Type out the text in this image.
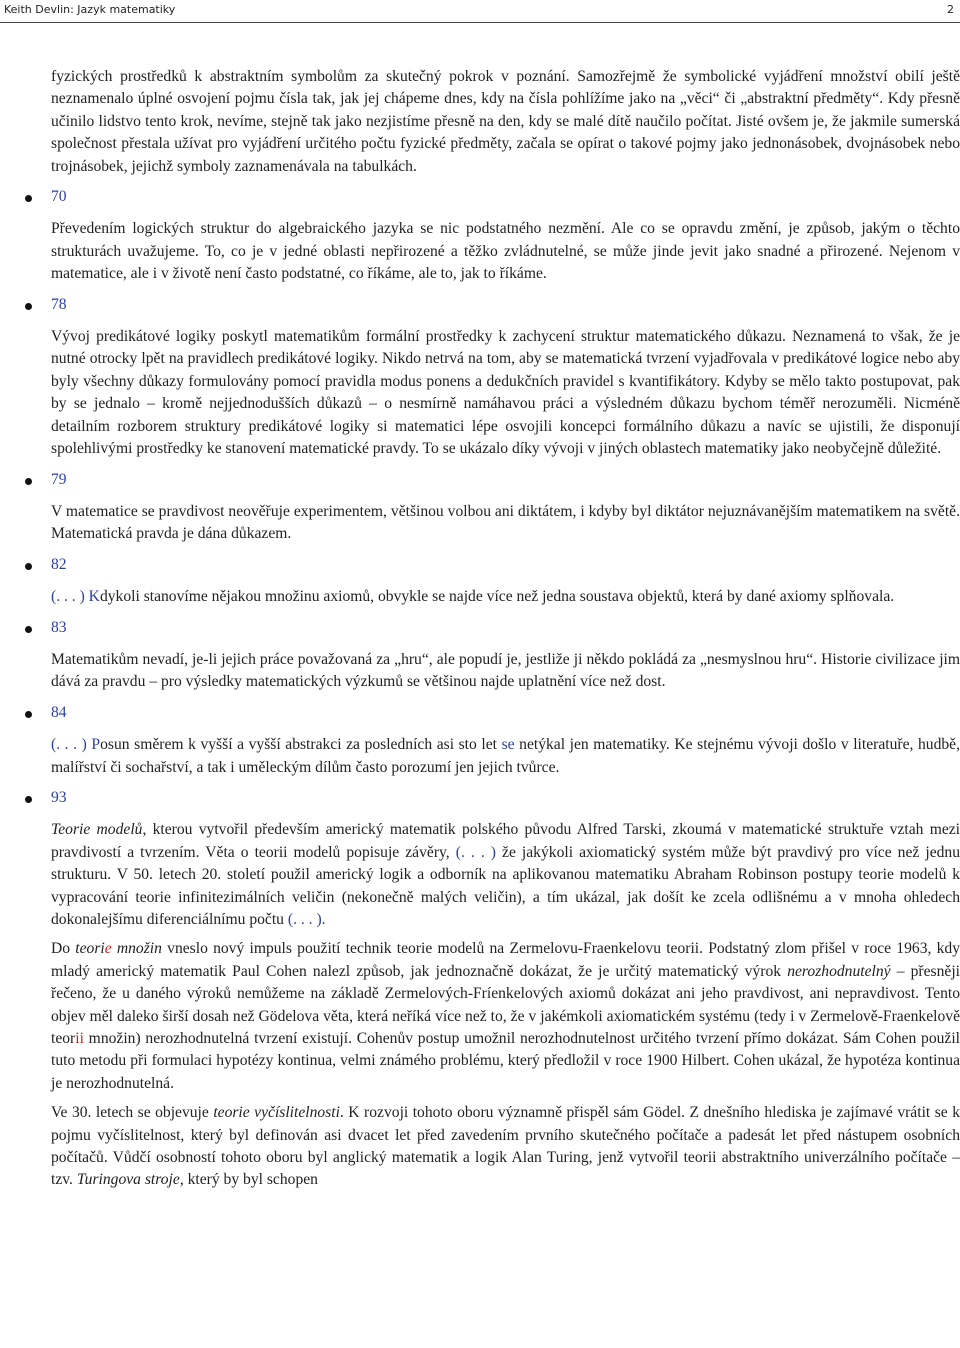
Keith Devlin: Jazyk matematiky	2

fyzických prostředků k abstraktním symbolům za skutečný pokrok v poznání. Samozřejmě že symbolické vyjádření množství obilí ještě neznamenalo úplné osvojení pojmu čísla tak, jak jej chápeme dnes, kdy na čísla pohlížíme jako na „věci“ či „abstraktní předměty“. Kdy přesně učinilo lidstvo tento krok, nevíme, stejně tak jako nezjistíme přesně na den, kdy se malé dítě naučilo počítat. Jisté ovšem je, že jakmile sumerská společnost přestala užívat pro vyjádření určitého počtu fyzické předměty, začala se opírat o takové pojmy jako jednonásobek, dvojnásobek nebo trojnásobek, jejichž symboly zaznamenávala na tabulkách.

70

Převedením logických struktur do algebraického jazyka se nic podstatného nezmění. Ale co se opravdu změní, je způsob, jakým o těchto strukturách uvažujeme. To, co je v jedné oblasti nepřirozené a těžko zvládnutelné, se může jinde jevit jako snadné a přirozené. Nejenom v matematice, ale i v životě není často podstatné, co říkáme, ale to, jak to říkáme.

78

Vývoj predikátové logiky poskytl matematikům formální prostředky k zachycení struktur matematického důkazu. Neznamená to však, že je nutné otrocky lpět na pravidlech predikátové logiky. Nikdo netrvá na tom, aby se matematická tvrzení vyjadřovala v predikátové logice nebo aby byly všechny důkazy formulovány pomocí pravidla modus ponens a dedukčních pravidel s kvantifikátory. Kdyby se mělo takto postupovat, pak by se jednalo – kromě nejjednodušších důkazů – o nesmírně namáhavou práci a výsledném důkazu bychom téměř nerozuměli. Nicméně detailním rozborem struktury predikátové logiky si matematici lépe osvojili koncepci formálního důkazu a navíc se ujistili, že disponují spolehlivými prostředky ke stanovení matematické pravdy. To se ukázalo díky vývoji v jiných oblastech matematiky jako neobyčejně důležité.

79

V matematice se pravdivost neověřuje experimentem, většinou volbou ani diktátem, i kdyby byl diktátor nejuznávanějším matematikem na světě. Matematická pravda je dána důkazem.

82

(. . . ) Kdykoli stanovíme nějakou množinu axiomů, obvykle se najde více než jedna soustava objektů, která by dané axiomy splňovala.

83

Matematikům nevadí, je-li jejich práce považovaná za „hru“, ale popudí je, jestliže ji někdo pokládá za „nesmyslnou hru“. Historie civilizace jim dává za pravdu – pro výsledky matematických výzkumů se většinou najde uplatnění více než dost.

84

(. . . ) Posun směrem k vyšší a vyšší abstrakci za posledních asi sto let se netýkal jen matematiky. Ke stejnému vývoji došlo v literatuře, hudbě, malířství či sochařství, a tak i uměleckým dílům často porozumí jen jejich tvůrce.

93

Teorie modelů, kterou vytvořil především americký matematik polského původu Alfred Tarski, zkoumá v matematické struktuře vztah mezi pravdivostí a tvrzením. Věta o teorii modelů popisuje závěry, (. . . ) že jakýkoli axiomatický systém může být pravdivý pro více než jednu strukturu. V 50. letech 20. století použil americký logik a odborník na aplikovanou matematiku Abraham Robinson postupy teorie modelů k vypracování teorie infinitezimálních veličin (nekonečně malých veličin), a tím ukázal, jak došít ke zcela odlišnému a v mnoha ohledech dokonalejšímu diferenciálnímu počtu (. . . ).

Do teorie množin vneslo nový impuls použití technik teorie modelů na Zermelovu-Fraenkelovu teorii. Podstatný zlom přišel v roce 1963, kdy mladý americký matematik Paul Cohen nalezl způsob, jak jednoznačně dokázat, že je určitý matematický výrok nerozhodnutelný – přesněji řečeno, že u daného výroků nemůžeme na základě Zermelových-Fríenkelových axiomů dokázat ani jeho pravdivost, ani nepravdivost. Tento objev měl daleko širší dosah než Gödelova věta, která neříká více než to, že v jakémkoli axiomatickém systému (tedy i v Zermelově-Fraenkelově teorii množin) nerozhodnutelná tvrzení existují. Cohenův postup umožnil nerozhodnutelnost určitého tvrzení přímo dokázat. Sám Cohen použil tuto metodu při formulaci hypotézy kontinua, velmi známého problému, který předložil v roce 1900 Hilbert. Cohen ukázal, že hypotéza kontinua je nerozhodnutelná.

Ve 30. letech se objevuje teorie vyčíslitelnosti. K rozvoji tohoto oboru významně přispěl sám Gödel. Z dnešního hlediska je zajímavé vrátit se k pojmu vyčíslitelnost, který byl definován asi dvacet let před zavedením prvního skutečného počítače a padesát let před nástupem osobních počítačů. Vůdčí osobností tohoto oboru byl anglický matematik a logik Alan Turing, jenž vytvořil teorii abstraktního univerzálního počítače – tzv. Turingova stroje, který by byl schopen
